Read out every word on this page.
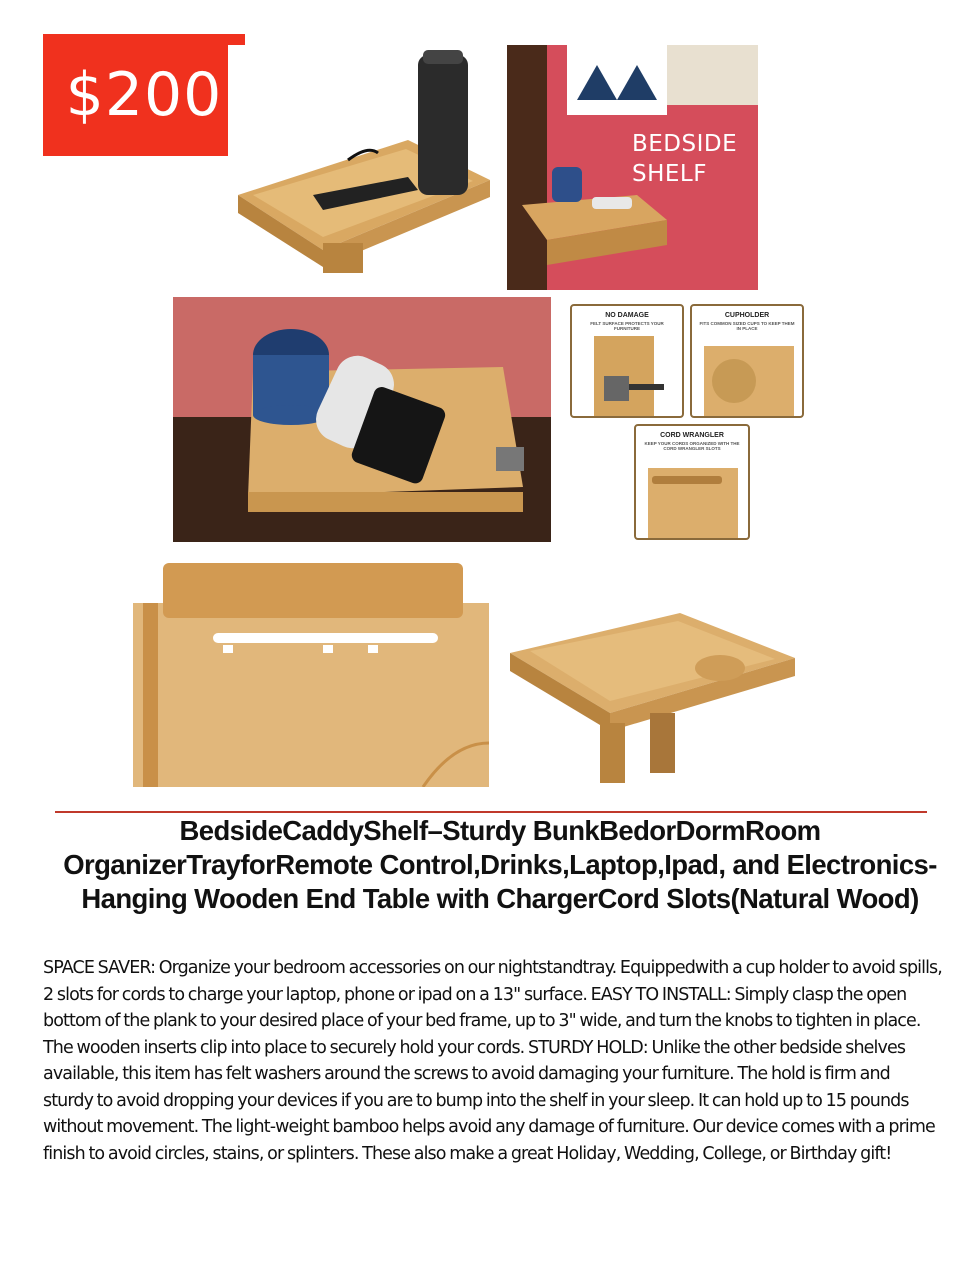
$200
BEDSIDE
SHELF
NO DAMAGE
FELT SURFACE PROTECTS YOUR FURNITURE
CUPHOLDER
FITS COMMON SIZED CUPS TO KEEP THEM IN PLACE
CORD WRANGLER
KEEP YOUR CORDS ORGANIZED WITH THE CORD WRANGLER SLOTS
BedsideCaddyShelf–Sturdy BunkBedorDormRoom OrganizerTrayforRemote Control,Drinks,Laptop,Ipad, and Electronics-Hanging Wooden End Table with ChargerCord Slots(Natural Wood)
SPACE SAVER: Organize your bedroom accessories on our nightstandtray. Equippedwith a cup holder to avoid spills, 2 slots for cords to charge your laptop, phone or ipad on a 13" surface. EASY TO INSTALL: Simply clasp the open bottom of the plank to your desired place of your bed frame, up to 3" wide, and turn the knobs to tighten in place. The wooden inserts clip into place to securely hold your cords. STURDY HOLD: Unlike the other bedside shelves available, this item has felt washers around the screws to avoid damaging your furniture. The hold is firm and sturdy to avoid dropping your devices if you are to bump into the shelf in your sleep. It can hold up to 15 pounds without movement. The light-weight bamboo helps avoid any damage of furniture. Our device comes with a prime finish to avoid circles, stains, or splinters. These also make a great Holiday, Wedding, College, or Birthday gift!
